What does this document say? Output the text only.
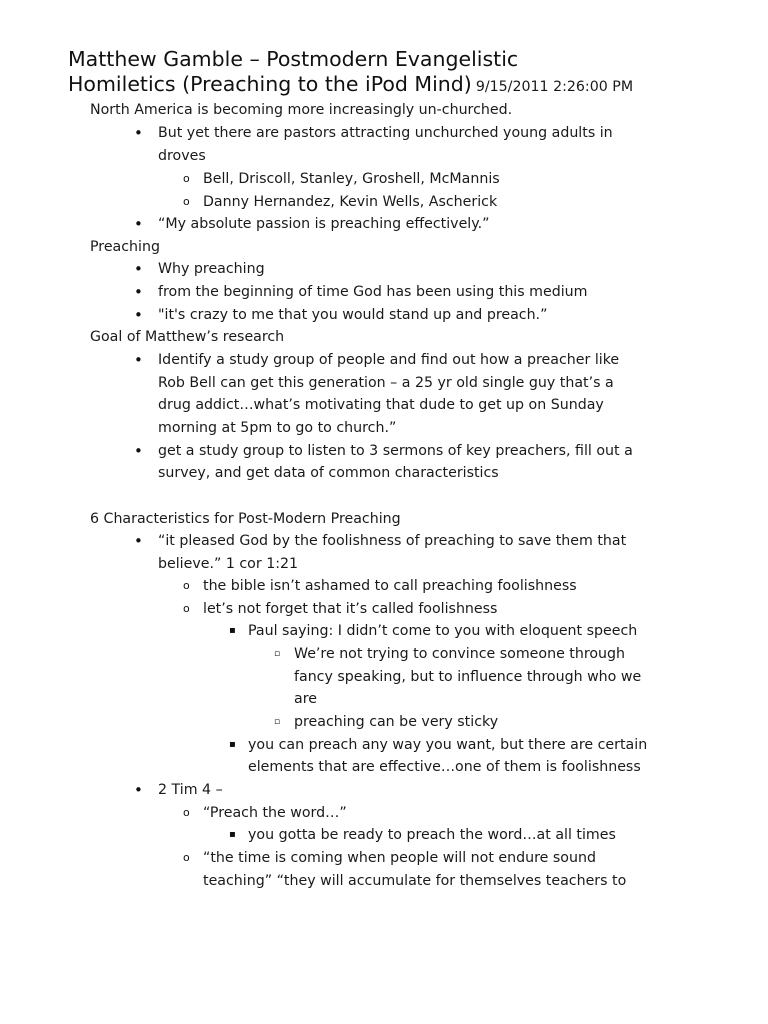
Matthew Gamble – Postmodern Evangelistic
Homiletics (Preaching to the iPod Mind) 9/15/2011 2:26:00 PM
North America is becoming more increasingly un-churched.
• But yet there are pastors attracting unchurched young adults in
droves
o Bell, Driscoll, Stanley, Groshell, McMannis
o Danny Hernandez, Kevin Wells, Ascherick
• “My absolute passion is preaching effectively.”
Preaching
• Why preaching
• from the beginning of time God has been using this medium
• "it's crazy to me that you would stand up and preach.”
Goal of Matthew’s research
• Identify a study group of people and find out how a preacher like
Rob Bell can get this generation – a 25 yr old single guy that’s a
drug addict…what’s motivating that dude to get up on Sunday
morning at 5pm to go to church.”
• get a study group to listen to 3 sermons of key preachers, fill out a
survey, and get data of common characteristics
6 Characteristics for Post-Modern Preaching
• “it pleased God by the foolishness of preaching to save them that
believe.” 1 cor 1:21
o the bible isn’t ashamed to call preaching foolishness
o let’s not forget that it’s called foolishness
▪ Paul saying: I didn’t come to you with eloquent speech
▫ We’re not trying to convince someone through
fancy speaking, but to influence through who we
are
▫ preaching can be very sticky
▪ you can preach any way you want, but there are certain
elements that are effective…one of them is foolishness
• 2 Tim 4 –
o “Preach the word…”
▪ you gotta be ready to preach the word…at all times
o “the time is coming when people will not endure sound
teaching” “they will accumulate for themselves teachers to
